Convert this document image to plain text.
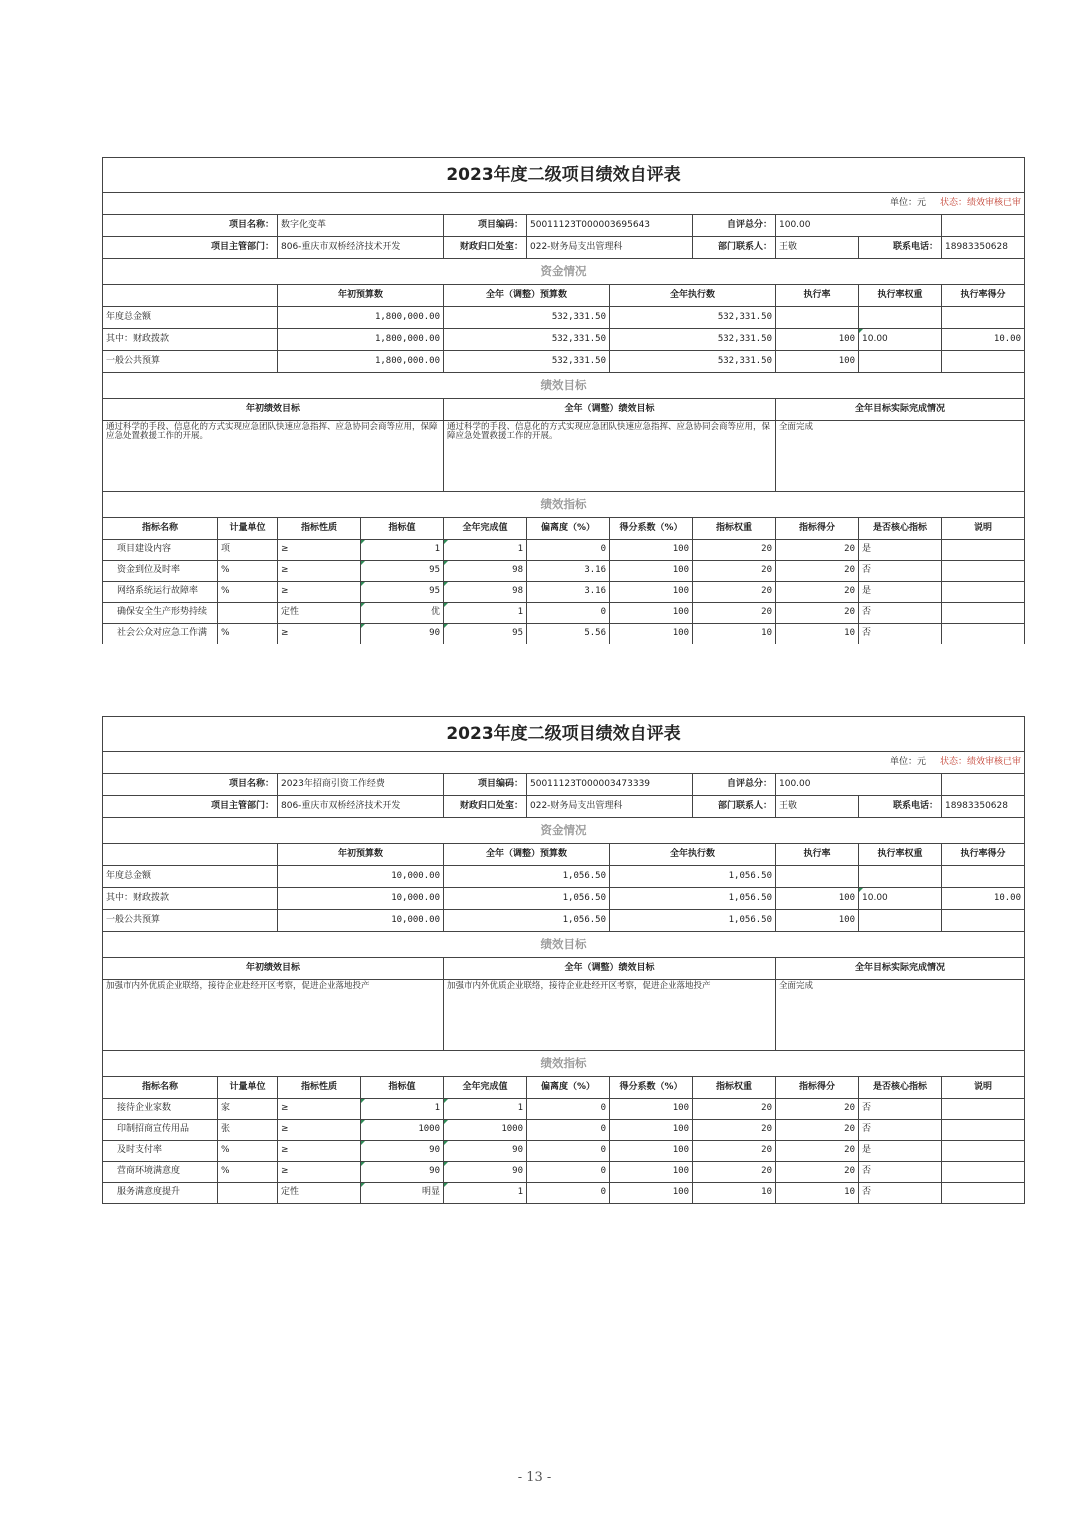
2023年度二级项目绩效自评表										
单位：元 状态：绩效审核已审										
项目名称：		数字化变革		项目编码：	50011123T000003695643		自评总分：	100.00		
项目主管部门：		806-重庆市双桥经济技术开发		财政归口处室：	022-财务局支出管理科		部门联系人：	王敬	联系电话：	18983350628
资金情况										
		年初预算数		全年（调整）预算数		全年执行数		执行率	执行率权重	执行率得分
年度总金额		1,800,000.00		532,331.50		532,331.50				
其中：财政拨款		1,800,000.00		532,331.50		532,331.50		100	10.00	10.00
一般公共预算		1,800,000.00		532,331.50		532,331.50		100		
绩效目标										
年初绩效目标				全年（调整）绩效目标				全年目标实际完成情况		
通过科学的手段、信息化的方式实现应急团队快速应急指挥、应急协同会商等应用，保障应急处置救援工作的开展。				通过科学的手段、信息化的方式实现应急团队快速应急指挥、应急协同会商等应用，保障应急处置救援工作的开展。				全面完成		
绩效指标										
指标名称	计量单位	指标性质	指标值	全年完成值	偏离度（%）	得分系数（%）	指标权重	指标得分	是否核心指标	说明
项目建设内容	项	≥	1	1	0	100	20	20	是	
资金到位及时率	%	≥	95	98	3.16	100	20	20	否	
网络系统运行故障率	%	≥	95	98	3.16	100	20	20	是	
确保安全生产形势持续		定性	优	1	0	100	20	20	否	
社会公众对应急工作满	%	≥	90	95	5.56	100	10	10	否	
2023年度二级项目绩效自评表										
单位：元 状态：绩效审核已审										
项目名称：		2023年招商引资工作经费		项目编码：	50011123T000003473339		自评总分：	100.00		
项目主管部门：		806-重庆市双桥经济技术开发		财政归口处室：	022-财务局支出管理科		部门联系人：	王敬	联系电话：	18983350628
资金情况										
		年初预算数		全年（调整）预算数		全年执行数		执行率	执行率权重	执行率得分
年度总金额		10,000.00		1,056.50		1,056.50				
其中：财政拨款		10,000.00		1,056.50		1,056.50		100	10.00	10.00
一般公共预算		10,000.00		1,056.50		1,056.50		100		
绩效目标										
年初绩效目标				全年（调整）绩效目标				全年目标实际完成情况		
加强市内外优质企业联络，接待企业赴经开区考察，促进企业落地投产				加强市内外优质企业联络，接待企业赴经开区考察，促进企业落地投产				全面完成		
绩效指标										
指标名称	计量单位	指标性质	指标值	全年完成值	偏离度（%）	得分系数（%）	指标权重	指标得分	是否核心指标	说明
接待企业家数	家	≥	1	1	0	100	20	20	否	
印制招商宣传用品	张	≥	1000	1000	0	100	20	20	否	
及时支付率	%	≥	90	90	0	100	20	20	是	
营商环境满意度	%	≥	90	90	0	100	20	20	否	
服务满意度提升		定性	明显	1	0	100	10	10	否	
- 13 -
